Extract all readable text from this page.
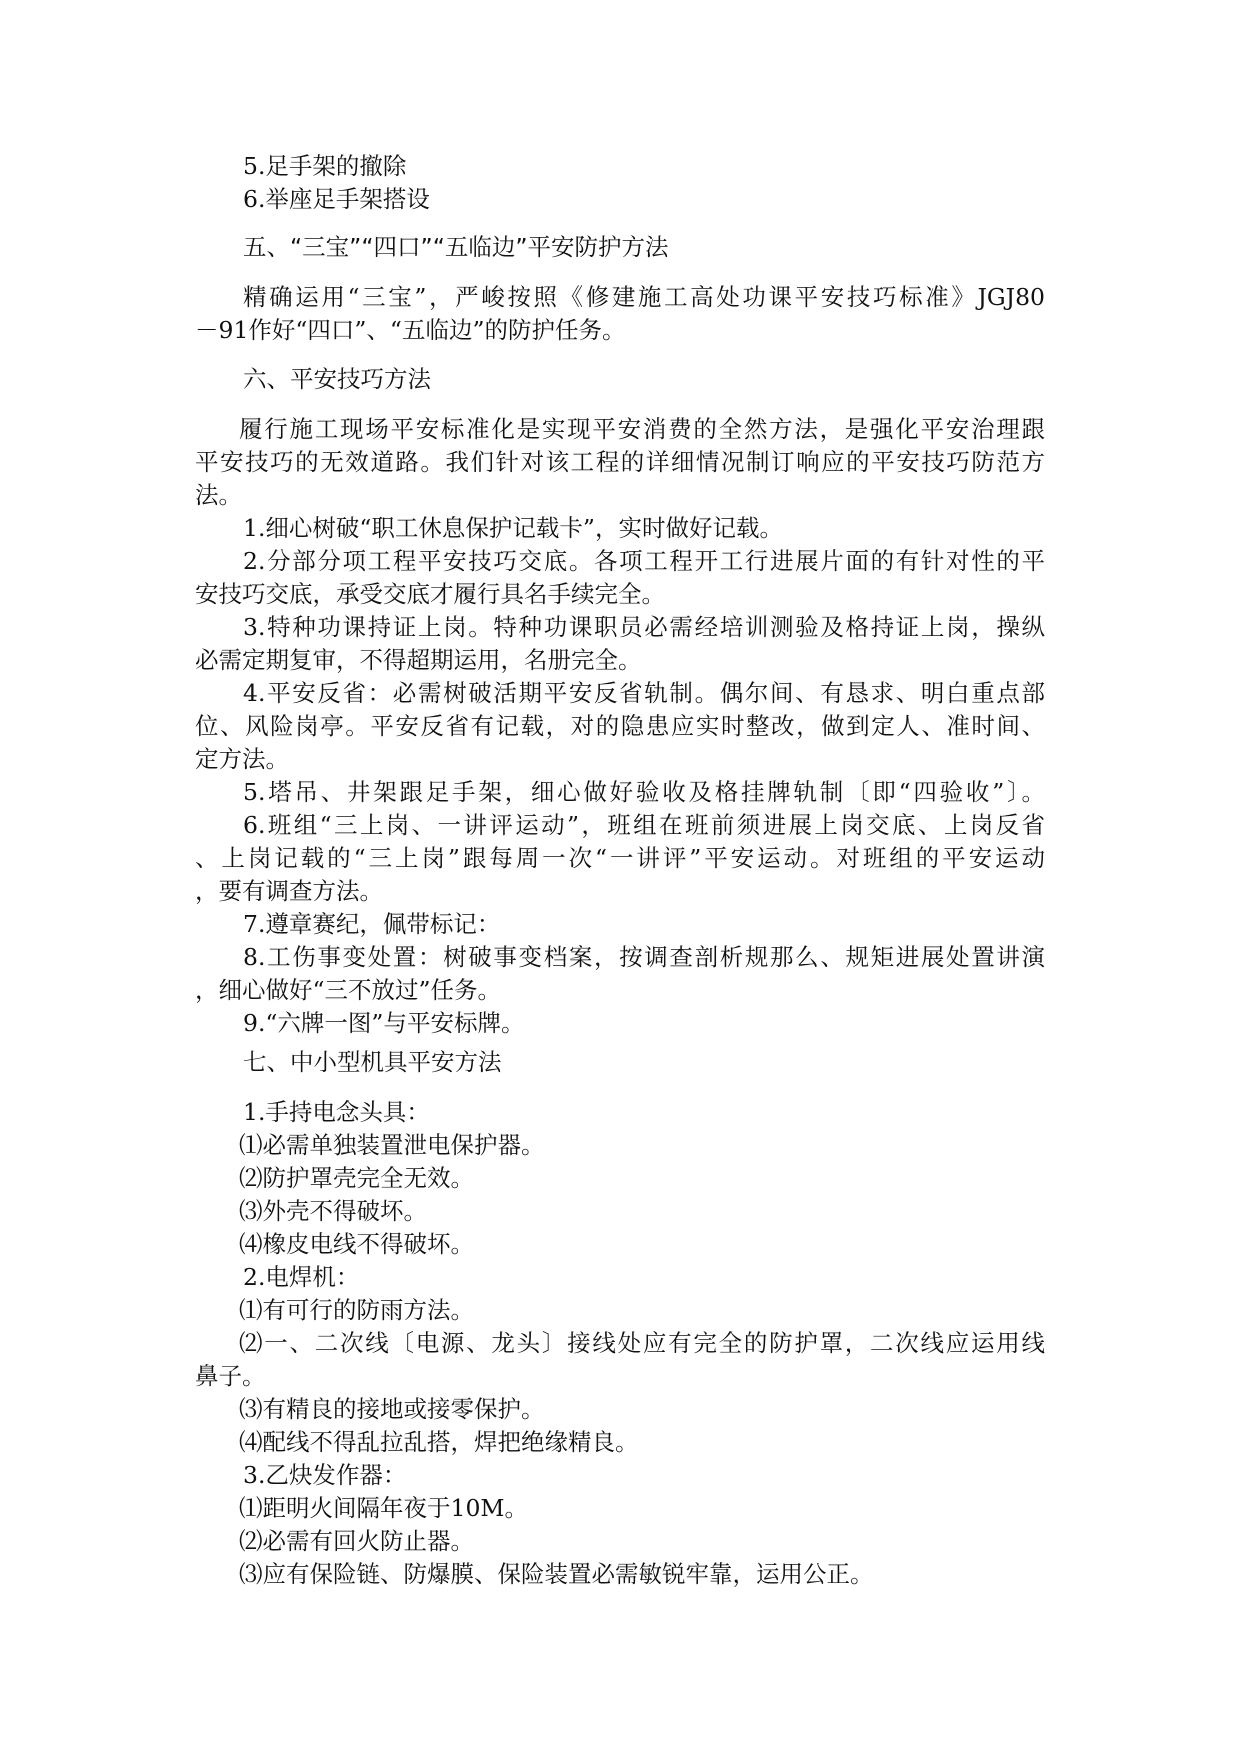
5.足手架的撤除
6.举座足手架搭设
五、“三宝”“四口”“五临边”平安防护方法
精确运用“三宝”，严峻按照《修建施工高处功课平安技巧标准》JGJ80
－91作好“四口”、“五临边”的防护任务。
六、平安技巧方法
履行施工现场平安标准化是实现平安消费的全然方法，是强化平安治理跟
平安技巧的无效道路。我们针对该工程的详细情况制订响应的平安技巧防范方
法。
1.细心树破“职工休息保护记载卡”，实时做好记载。
2.分部分项工程平安技巧交底。各项工程开工行进展片面的有针对性的平
安技巧交底，承受交底才履行具名手续完全。
3.特种功课持证上岗。特种功课职员必需经培训测验及格持证上岗，操纵
必需定期复审，不得超期运用，名册完全。
4.平安反省：必需树破活期平安反省轨制。偶尔间、有恳求、明白重点部
位、风险岗亭。平安反省有记载，对的隐患应实时整改，做到定人、准时间、
定方法。
5.塔吊、井架跟足手架，细心做好验收及格挂牌轨制〔即“四验收”〕。
6.班组“三上岗、一讲评运动”，班组在班前须进展上岗交底、上岗反省
、上岗记载的“三上岗”跟每周一次“一讲评”平安运动。对班组的平安运动
，要有调查方法。
7.遵章赛纪，佩带标记：
8.工伤事变处置：树破事变档案，按调查剖析规那么、规矩进展处置讲演
，细心做好“三不放过”任务。
9.“六牌一图”与平安标牌。
七、中小型机具平安方法
1.手持电念头具：
⑴必需单独装置泄电保护器。
⑵防护罩壳完全无效。
⑶外壳不得破坏。
⑷橡皮电线不得破坏。
2.电焊机：
⑴有可行的防雨方法。
⑵一、二次线〔电源、龙头〕接线处应有完全的防护罩，二次线应运用线
鼻子。
⑶有精良的接地或接零保护。
⑷配线不得乱拉乱搭，焊把绝缘精良。
3.乙炔发作器：
⑴距明火间隔年夜于10M。
⑵必需有回火防止器。
⑶应有保险链、防爆膜、保险装置必需敏锐牢靠，运用公正。
